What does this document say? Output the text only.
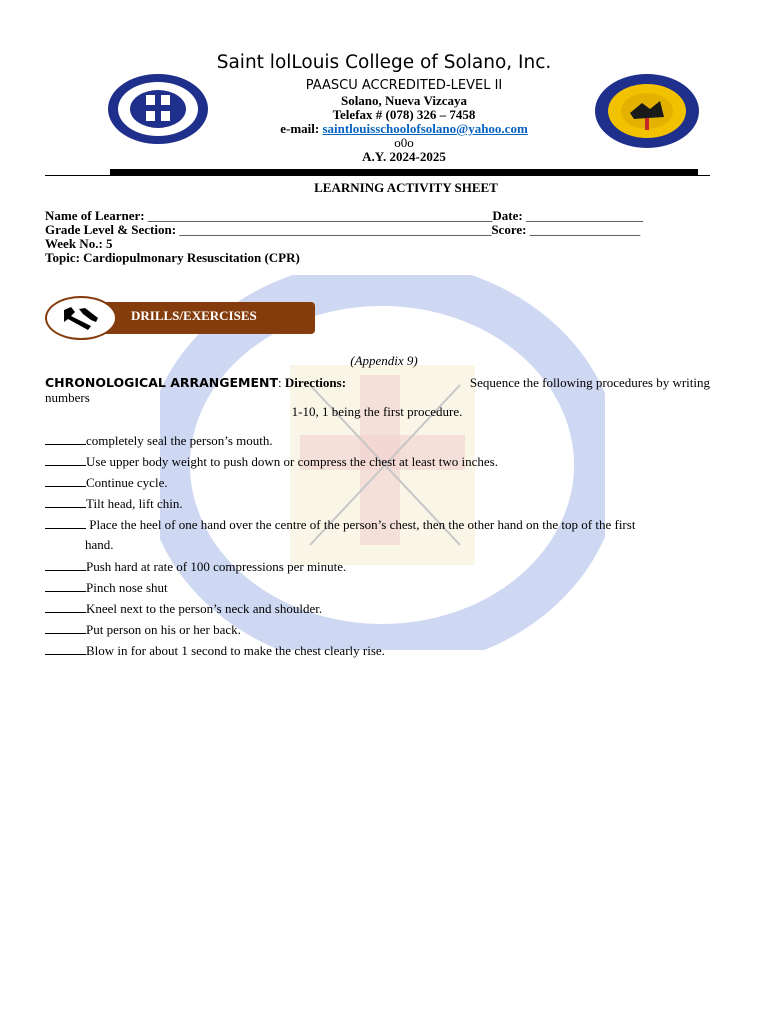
Saint lolLouis College of Solano, Inc.
PAASCU ACCREDITED-LEVEL II
Solano, Nueva Vizcaya
Telefax # (078) 326 – 7458
e-mail: saintlouisschoolofsolano@yahoo.com
o0o
A.Y. 2024-2025
LEARNING ACTIVITY SHEET
Name of Learner: _____________________________________________________Date: __________________
Grade Level & Section: ________________________________________________Score: _________________
Week No.: 5
Topic: Cardiopulmonary Resuscitation (CPR)
DRILLS/EXERCISES
(Appendix 9)
CHRONOLOGICAL ARRANGEMENT: Directions:	Sequence the following procedures by writing
numbers
1-10, 1 being the first procedure.
completely seal the person’s mouth.
Use upper body weight to push down or compress the chest at least two inches.
Continue cycle.
Tilt head, lift chin.
Place the heel of one hand over the centre of the person’s chest, then the other hand on the top of the first
hand.
Push hard at rate of 100 compressions per minute.
Pinch nose shut
Kneel next to the person’s neck and shoulder.
Put person on his or her back.
Blow in for about 1 second to make the chest clearly rise.
